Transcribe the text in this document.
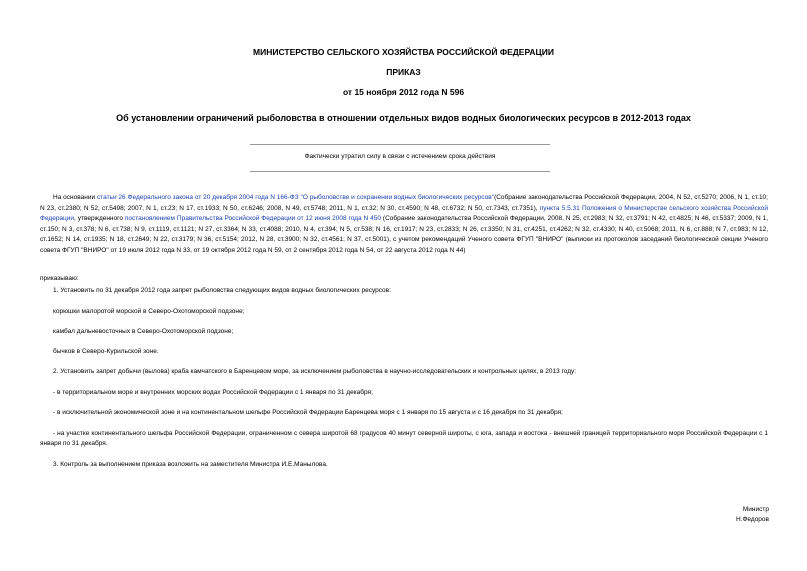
МИНИСТЕРСТВО СЕЛЬСКОГО ХОЗЯЙСТВА РОССИЙСКОЙ ФЕДЕРАЦИИ
ПРИКАЗ
от 15 ноября 2012 года N 596
Об установлении ограничений рыболовства в отношении отдельных видов водных биологических ресурсов в 2012-2013 годах
Фактически утратил силу в связи с истечением срока действия

На основании статьи 26 Федерального закона от 20 декабря 2004 года N 166-ФЗ "О рыболовстве и сохранении водных биологических ресурсов"(Собрание законодательства Российской Федерации, 2004, N 52, ст.5270; 2006, N 1, ст.10; N 23, ст.2380; N 52, ст.5498; 2007, N 1, ст.23; N 17, ст.1933; N 50, ст.6246; 2008, N 49, ст.5748; 2011, N 1, ст.32; N 30, ст.4590; N 48, ст.6732; N 50, ст.7343, ст.7351), пункта 5.5.31 Положения о Министерстве сельского хозяйства Российской Федерации, утвержденного постановлением Правительства Российской Федерации от 12 июня 2008 года N 450 (Собрание законодательства Российской Федерации, 2008, N 25, ст.2983; N 32, ст.3791; N 42, ст.4825; N 46, ст.5337; 2009, N 1, ст.150; N 3, ст.378; N 6, ст.738; N 9, ст.1119, ст.1121; N 27, ст.3364; N 33, ст.4088; 2010, N 4, ст.394; N 5, ст.538; N 16, ст.1917; N 23, ст.2833; N 26, ст.3350; N 31, ст.4251, ст.4262; N 32, ст.4330; N 40, ст.5068; 2011, N 6, ст.888; N 7, ст.983; N 12, ст.1652; N 14, ст.1935; N 18, ст.2649; N 22, ст.3179; N 36, ст.5154; 2012, N 28, ст.3900; N 32, ст.4561; N 37, ст.5001), с учетом рекомендаций Ученого совета ФГУП "ВНИРО" (выписки из протоколов заседаний биологической секции Ученого совета ФГУП "ВНИРО" от 19 июля 2012 года N 33, от 19 октября 2012 года N 59, от 2 сентября 2012 года N 54, от 22 августа 2012 года N 44)

приказываю:
1. Установить по 31 декабря 2012 года запрет рыболовства следующих видов водных биологических ресурсов:
корюшки малоротой морской в Северо-Охотоморской подзоне;
камбал дальневосточных в Северо-Охотоморской подзоне;
бычков в Северо-Курильской зоне.
2. Установить запрет добычи (вылова) краба камчатского в Баренцевом море, за исключением рыболовства в научно-исследовательских и контрольных целях, в 2013 году:
- в территориальном море и внутренних морских водах Российской Федерации с 1 января по 31 декабря;
- в исключительной экономической зоне и на континентальном шельфе Российской Федерации Баренцева моря с 1 января по 15 августа и с 16 декабря по 31 декабря;

- на участке континентального шельфа Российской Федерации, ограниченном с севера широтой 68 градусов 40 минут северной широты, с юга, запада и востока - внешней границей территориального моря Российской Федерации с 1 января по 31 декабря.

3. Контроль за выполнением приказа возложить на заместителя Министра И.Е.Манылова.
Министр
Н.Федоров
